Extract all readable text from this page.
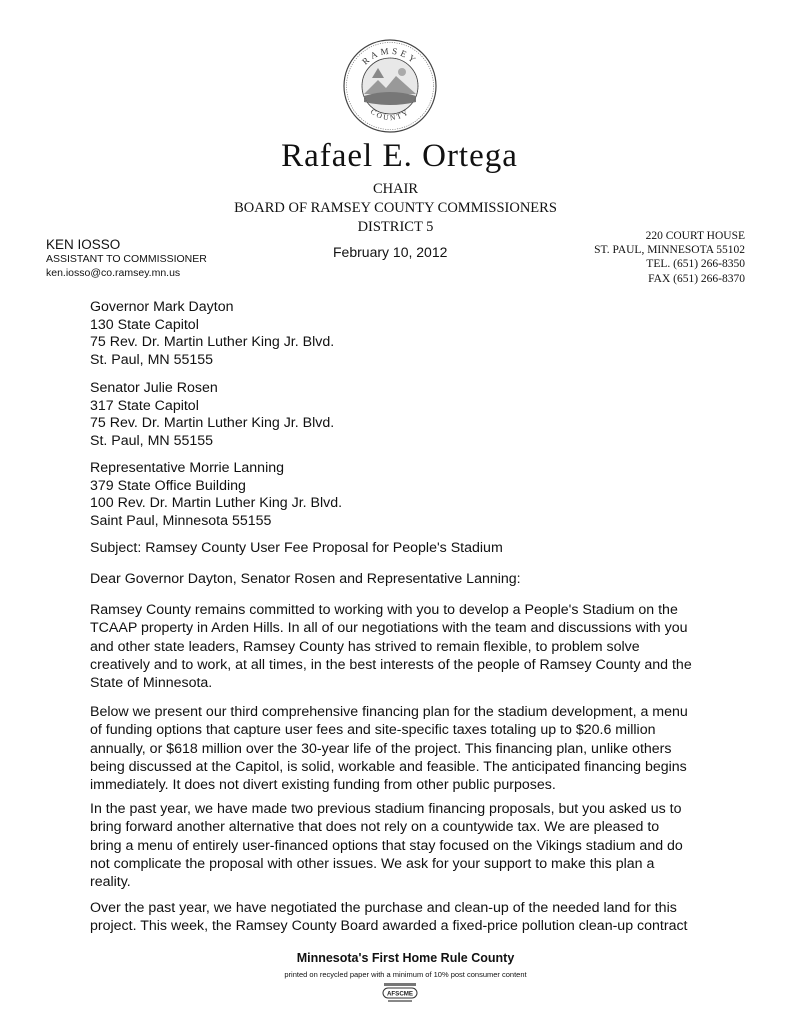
RAMSEY
COUNTY
Rafael E. Ortega
CHAIR
BOARD OF RAMSEY COUNTY COMMISSIONERS
DISTRICT 5
KEN IOSSO
ASSISTANT TO COMMISSIONER
ken.iosso@co.ramsey.mn.us
February 10, 2012
220 COURT HOUSE
ST. PAUL, MINNESOTA 55102
TEL. (651) 266-8350
FAX (651) 266-8370
Governor Mark Dayton
130 State Capitol
75 Rev. Dr. Martin Luther King Jr. Blvd.
St. Paul, MN 55155
Senator Julie Rosen
317 State Capitol
75 Rev. Dr. Martin Luther King Jr. Blvd.
St. Paul, MN 55155
Representative Morrie Lanning
379 State Office Building
100 Rev. Dr. Martin Luther King Jr. Blvd.
Saint Paul, Minnesota 55155
Subject: Ramsey County User Fee Proposal for People's Stadium
Dear Governor Dayton, Senator Rosen and Representative Lanning:
Ramsey County remains committed to working with you to develop a People's Stadium on the
TCAAP property in Arden Hills. In all of our negotiations with the team and discussions with you
and other state leaders, Ramsey County has strived to remain flexible, to problem solve
creatively and to work, at all times, in the best interests of the people of Ramsey County and the
State of Minnesota.
Below we present our third comprehensive financing plan for the stadium development, a menu
of funding options that capture user fees and site-specific taxes totaling up to $20.6 million
annually, or $618 million over the 30-year life of the project. This financing plan, unlike others
being discussed at the Capitol, is solid, workable and feasible. The anticipated financing begins
immediately. It does not divert existing funding from other public purposes.
In the past year, we have made two previous stadium financing proposals, but you asked us to
bring forward another alternative that does not rely on a countywide tax. We are pleased to
bring a menu of entirely user-financed options that stay focused on the Vikings stadium and do
not complicate the proposal with other issues. We ask for your support to make this plan a
reality.
Over the past year, we have negotiated the purchase and clean-up of the needed land for this
project. This week, the Ramsey County Board awarded a fixed-price pollution clean-up contract
Minnesota's First Home Rule County
printed on recycled paper with a minimum of 10% post consumer content
AFSCME
